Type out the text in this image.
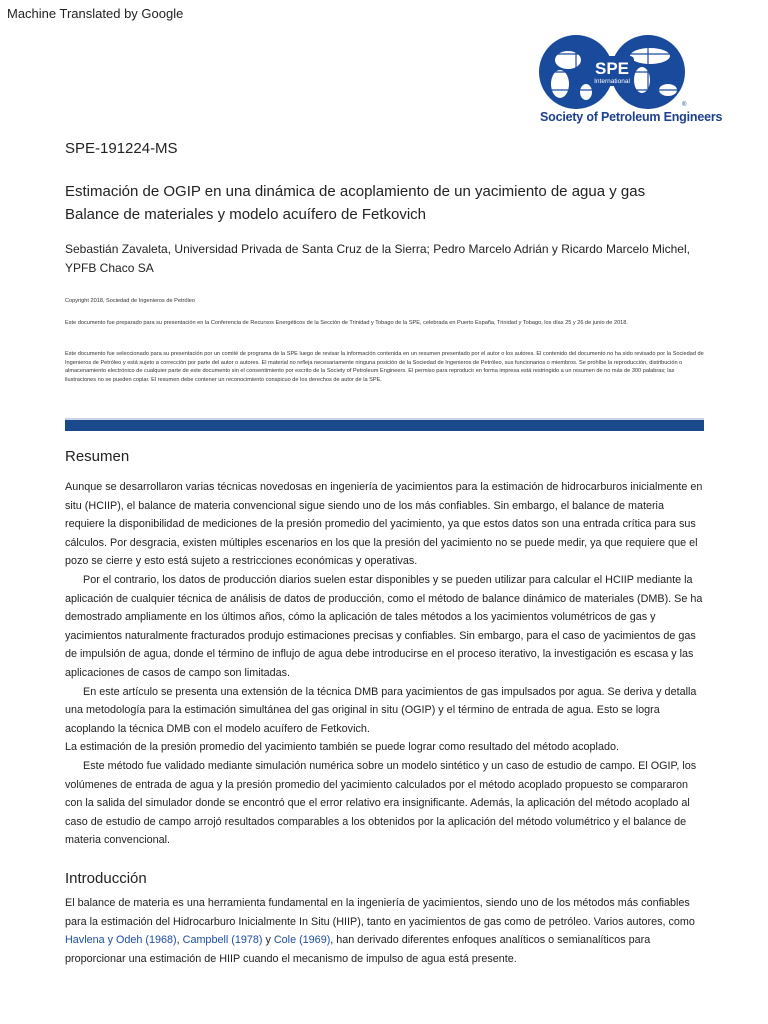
Machine Translated by Google
SPE
International
®
Society of Petroleum Engineers
SPE-191224-MS
Estimación de OGIP en una dinámica de acoplamiento de un yacimiento de agua y gas
Balance de materiales y modelo acuífero de Fetkovich
Sebastián Zavaleta, Universidad Privada de Santa Cruz de la Sierra; Pedro Marcelo Adrián y Ricardo Marcelo Michel, YPFB Chaco SA
Copyright 2018, Sociedad de Ingenieros de Petróleo
Este documento fue preparado para su presentación en la Conferencia de Recursos Energéticos de la Sección de Trinidad y Tobago de la SPE, celebrada en Puerto España, Trinidad y Tobago, los días 25 y 26 de junio de 2018.
Este documento fue seleccionado para su presentación por un comité de programa de la SPE luego de revisar la información contenida en un resumen presentado por el autor o los autores. El contenido del documento no ha sido revisado por la Sociedad de Ingenieros de Petróleo y está sujeto a corrección por parte del autor o autores. El material no refleja necesariamente ninguna posición de la Sociedad de Ingenieros de Petróleo, sus funcionarios o miembros. Se prohíbe la reproducción, distribución o almacenamiento electrónico de cualquier parte de este documento sin el consentimiento por escrito de la Society of Petroleum Engineers. El permiso para reproducir en forma impresa está restringido a un resumen de no más de 300 palabras; las ilustraciones no se pueden copiar. El resumen debe contener un reconocimiento conspicuo de los derechos de autor de la SPE.
Resumen

Aunque se desarrollaron varias técnicas novedosas en ingeniería de yacimientos para la estimación de hidrocarburos inicialmente en situ (HCIIP), el balance de materia convencional sigue siendo uno de los más confiables. Sin embargo, el balance de materia requiere la disponibilidad de mediciones de la presión promedio del yacimiento, ya que estos datos son una entrada crítica para sus cálculos. Por desgracia, existen múltiples escenarios en los que la presión del yacimiento no se puede medir, ya que requiere que el pozo se cierre y esto está sujeto a restricciones económicas y operativas.

Por el contrario, los datos de producción diarios suelen estar disponibles y se pueden utilizar para calcular el HCIIP mediante la aplicación de cualquier técnica de análisis de datos de producción, como el método de balance dinámico de materiales (DMB). Se ha demostrado ampliamente en los últimos años, cómo la aplicación de tales métodos a los yacimientos volumétricos de gas y yacimientos naturalmente fracturados produjo estimaciones precisas y confiables. Sin embargo, para el caso de yacimientos de gas de impulsión de agua, donde el término de influjo de agua debe introducirse en el proceso iterativo, la investigación es escasa y las aplicaciones de casos de campo son limitadas.

En este artículo se presenta una extensión de la técnica DMB para yacimientos de gas impulsados por agua. Se deriva y detalla una metodología para la estimación simultánea del gas original in situ (OGIP) y el término de entrada de agua. Esto se logra acoplando la técnica DMB con el modelo acuífero de Fetkovich.

La estimación de la presión promedio del yacimiento también se puede lograr como resultado del método acoplado.

Este método fue validado mediante simulación numérica sobre un modelo sintético y un caso de estudio de campo. El OGIP, los volúmenes de entrada de agua y la presión promedio del yacimiento calculados por el método acoplado propuesto se compararon con la salida del simulador donde se encontró que el error relativo era insignificante. Además, la aplicación del método acoplado al caso de estudio de campo arrojó resultados comparables a los obtenidos por la aplicación del método volumétrico y el balance de materia convencional.

Introducción

El balance de materia es una herramienta fundamental en la ingeniería de yacimientos, siendo uno de los métodos más confiables para la estimación del Hidrocarburo Inicialmente In Situ (HIIP), tanto en yacimientos de gas como de petróleo. Varios autores, como Havlena y Odeh (1968), Campbell (1978) y Cole (1969), han derivado diferentes enfoques analíticos o semianalíticos para proporcionar una estimación de HIIP cuando el mecanismo de impulso de agua está presente.
